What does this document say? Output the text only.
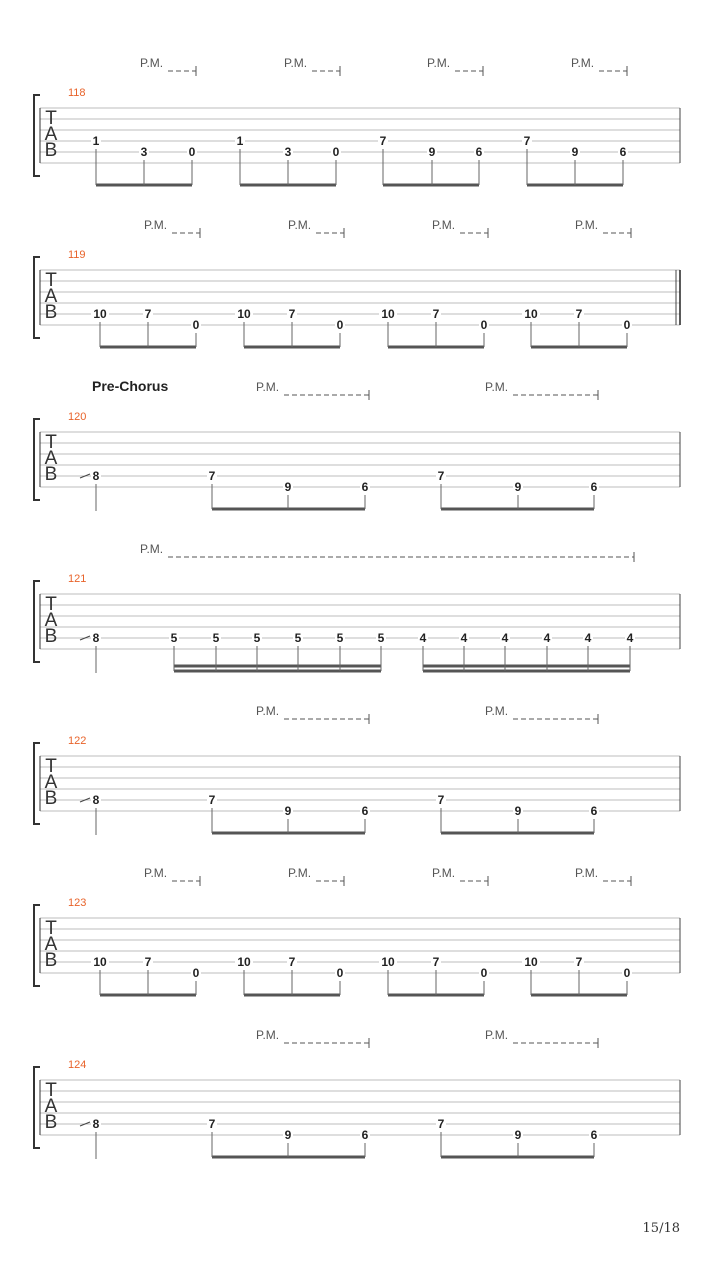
T
A
B
118
P.M.	P.M.	P.M.	P.M.
1
3	0
1
3	0
7
9	6
7
9	6
T
A
B
119
P.M.	P.M.	P.M.	P.M.
10	7
0
10	7
0
10	7
0
10	7
0
T
A
B
120
Pre-Chorus	P.M.	P.M.
8	7
9	6
7
9	6
T
A
B
121
P.M.
8	5	5	5	5	5	5	4	4	4	4	4	4
T
A
B
122
P.M.	P.M.
8	7
9	6
7
9	6
T
A
B
123
P.M.	P.M.	P.M.	P.M.
10	7
0
10	7
0
10	7
0
10	7
0
T
A
B
124
P.M.	P.M.
8	7
9	6
7
9	6
15/18
